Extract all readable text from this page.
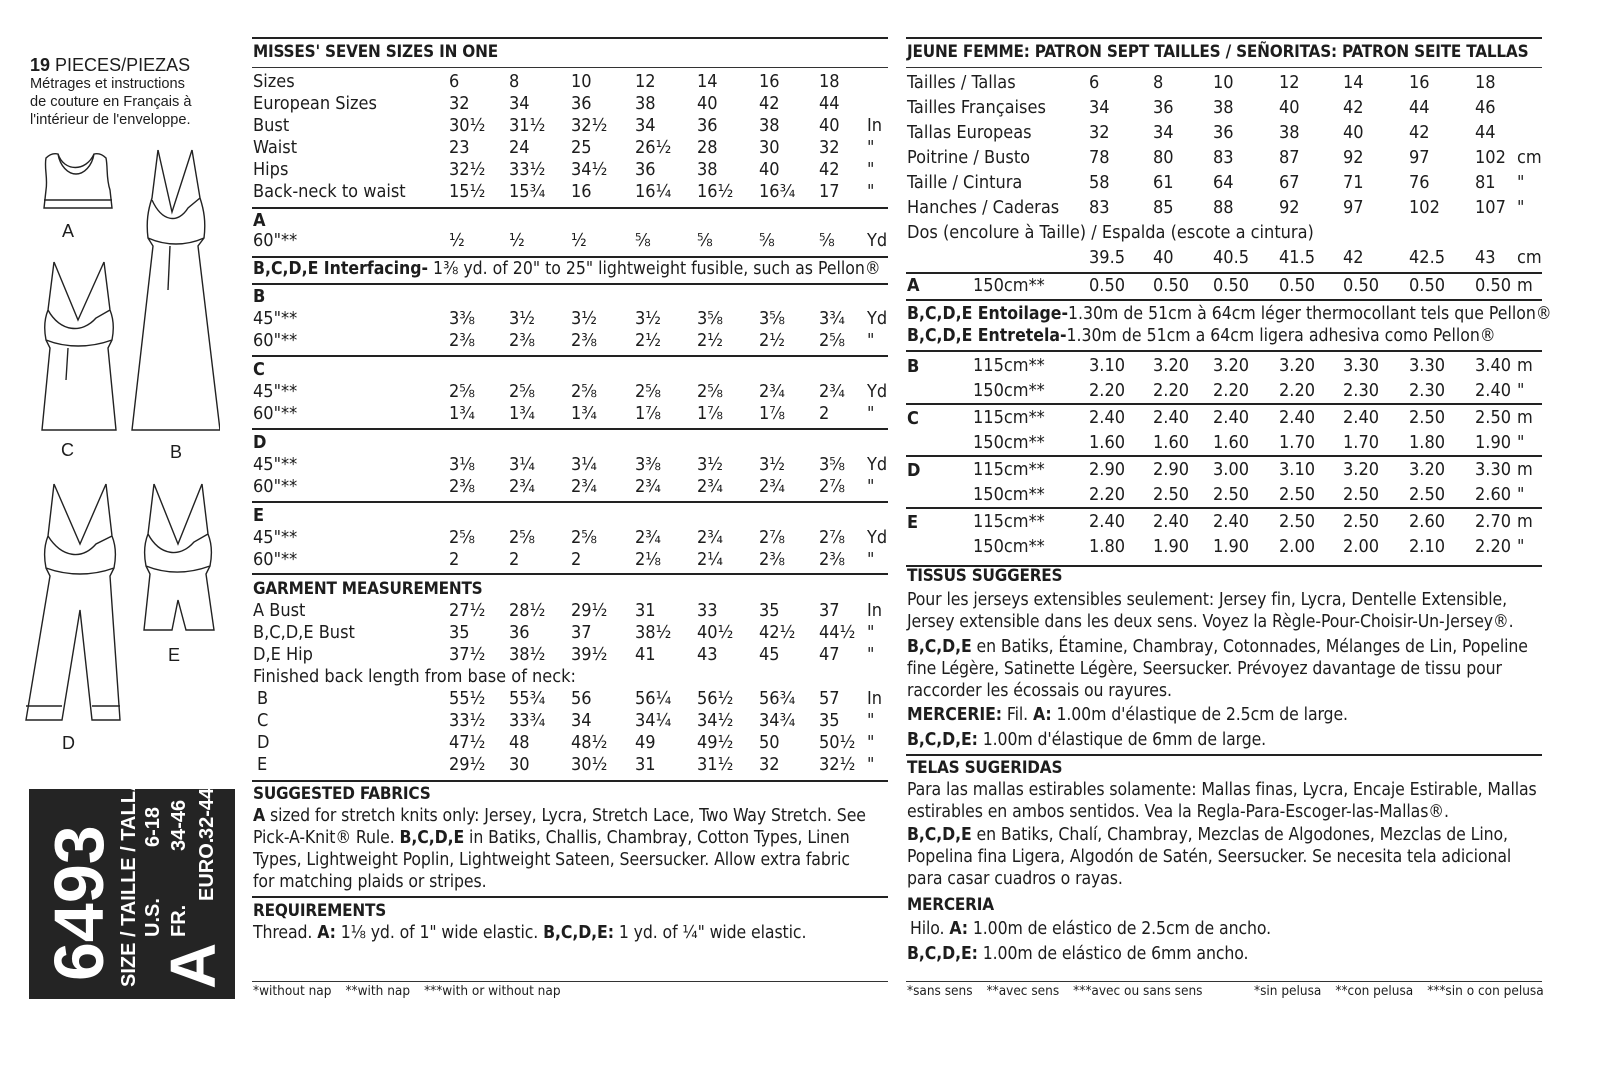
19 PIECES/PIEZAS
Métrages et instructions
de couture en Français à
l'intérieur de l'enveloppe.
A
C	B
E
D
6493 SIZE / TAILLE / TALLA A
U.S.
6-18
FR.
34-46
EURO.
32-44
MISSES' SEVEN SIZES IN ONE
Sizes	6	8	10 12 14 16 18
European Sizes	32 34 36 38 40 42 44
Bust	30½ 31½ 32½ 34 36 38 40 In
Waist	23 24 25 26½ 28 30 32 "
Hips	32½ 33½ 34½ 36 38 40 42 "
Back-neck to waist 15½ 15¾ 16 16¼ 16½ 16¾ 17 "
A
60"**	½ ½	½	⅝	⅝	⅝ ⅝ Yd
B,C,D,E Interfacing- 1⅜ yd. of 20" to 25" lightweight fusible, such as Pellon®
B
45"**	3⅜ 3½ 3½ 3½ 3⅝ 3⅝ 3¾ Yd
60"**	2⅜ 2⅜ 2⅜ 2½ 2½ 2½ 2⅝ "
C
45"**	2⅝ 2⅝ 2⅝ 2⅝ 2⅝ 2¾ 2¾ Yd
60"**	1¾ 1¾ 1¾ 1⅞ 1⅞ 1⅞ 2 "
D
45"**	3⅛ 3¼ 3¼ 3⅜ 3½ 3½ 3⅝ Yd
60"**	2⅜ 2¾ 2¾ 2¾ 2¾ 2¾ 2⅞ "
E
45"**	2⅝ 2⅝ 2⅝ 2¾ 2¾ 2⅞ 2⅞ Yd
60"**	2	2	2	2⅛ 2¼ 2⅜ 2⅜ "
GARMENT MEASUREMENTS
A Bust	27½ 28½ 29½ 31 33 35 37 In
B,C,D,E Bust	35 36 37 38½ 40½ 42½ 44½ "
D,E Hip	37½ 38½ 39½ 41 43 45 47 "
Finished back length from base of neck:
B	55½ 55¾ 56 56¼ 56½ 56¾ 57 In
C	33½ 33¾ 34 34¼ 34½ 34¾ 35 "
D	47½ 48 48½ 49 49½ 50 50½ "
E	29½ 30 30½ 31 31½ 32 32½ "
SUGGESTED FABRICS
A sized for stretch knits only: Jersey, Lycra, Stretch Lace, Two Way Stretch. See Pick-A-Knit® Rule. B,C,D,E in Batiks, Challis, Chambray, Cotton Types, Linen Types, Lightweight Poplin, Lightweight Sateen, Seersucker. Allow extra fabric for matching plaids or stripes.
REQUIREMENTS
Thread. A: 1⅛ yd. of 1" wide elastic. B,C,D,E: 1 yd. of ¼" wide elastic.
*without nap **with nap ***with or without nap
JEUNE FEMME: PATRON SEPT TAILLES / SEÑORITAS: PATRON SEITE TALLAS
Tailles / Tallas	6	8	10	12 14	16	18
Tailles Françaises 34 36 38	40 42	44	46
Tallas Europeas	32 34 36	38 40	42	44
Poitrine / Busto	78 80 83	87 92	97	102 cm
Taille / Cintura	58 61 64	67 71	76	81 "
Hanches / Caderas 83 85 88	92 97	102 107 "
Dos (encolure à Taille) / Espalda (escote a cintura)
39.5 40 40.5 41.5 42	42.5 43 cm
A	150cm** 0.50 0.50 0.50 0.50 0.50 0.50 0.50 m
B,C,D,E Entoilage-1.30m de 51cm à 64cm léger thermocollant tels que Pellon®
B,C,D,E Entretela-1.30m de 51cm a 64cm ligera adhesiva como Pellon®
B	115cm** 3.10 3.20 3.20 3.20 3.30 3.30 3.40 m
150cm** 2.20 2.20 2.20 2.20 2.30 2.30 2.40 "
C	115cm** 2.40 2.40 2.40 2.40 2.40 2.50 2.50 m
150cm** 1.60 1.60 1.60 1.70 1.70 1.80 1.90 "
D	115cm** 2.90 2.90 3.00 3.10 3.20 3.20 3.30 m
150cm** 2.20 2.50 2.50 2.50 2.50 2.50 2.60 "
E	115cm** 2.40 2.40 2.40 2.50 2.50 2.60 2.70 m
150cm** 1.80 1.90 1.90 2.00 2.00 2.10 2.20 "
TISSUS SUGGERES
Pour les jerseys extensibles seulement: Jersey fin, Lycra, Dentelle Extensible, Jersey extensible dans les deux sens. Voyez la Règle-Pour-Choisir-Un-Jersey®.
B,C,D,E en Batiks, Étamine, Chambray, Cotonnades, Mélanges de Lin, Popeline fine Légère, Satinette Légère, Seersucker. Prévoyez davantage de tissu pour raccorder les écossais ou rayures.
MERCERIE: Fil. A: 1.00m d'élastique de 2.5cm de large.
B,C,D,E: 1.00m d'élastique de 6mm de large.
TELAS SUGERIDAS
Para las mallas estirables solamente: Mallas finas, Lycra, Encaje Estirable, Mallas estirables en ambos sentidos. Vea la Regla-Para-Escoger-las-Mallas®.
B,C,D,E en Batiks, Chalí, Chambray, Mezclas de Algodones, Mezclas de Lino, Popelina fina Ligera, Algodón de Satén, Seersucker. Se necesita tela adicional para casar cuadros o rayas.
MERCERIA
Hilo. A: 1.00m de elástico de 2.5cm de ancho.
B,C,D,E: 1.00m de elástico de 6mm ancho.
*sans sens **avec sens ***avec ou sans sens	*sin pelusa **con pelusa ***sin o con pelusa
